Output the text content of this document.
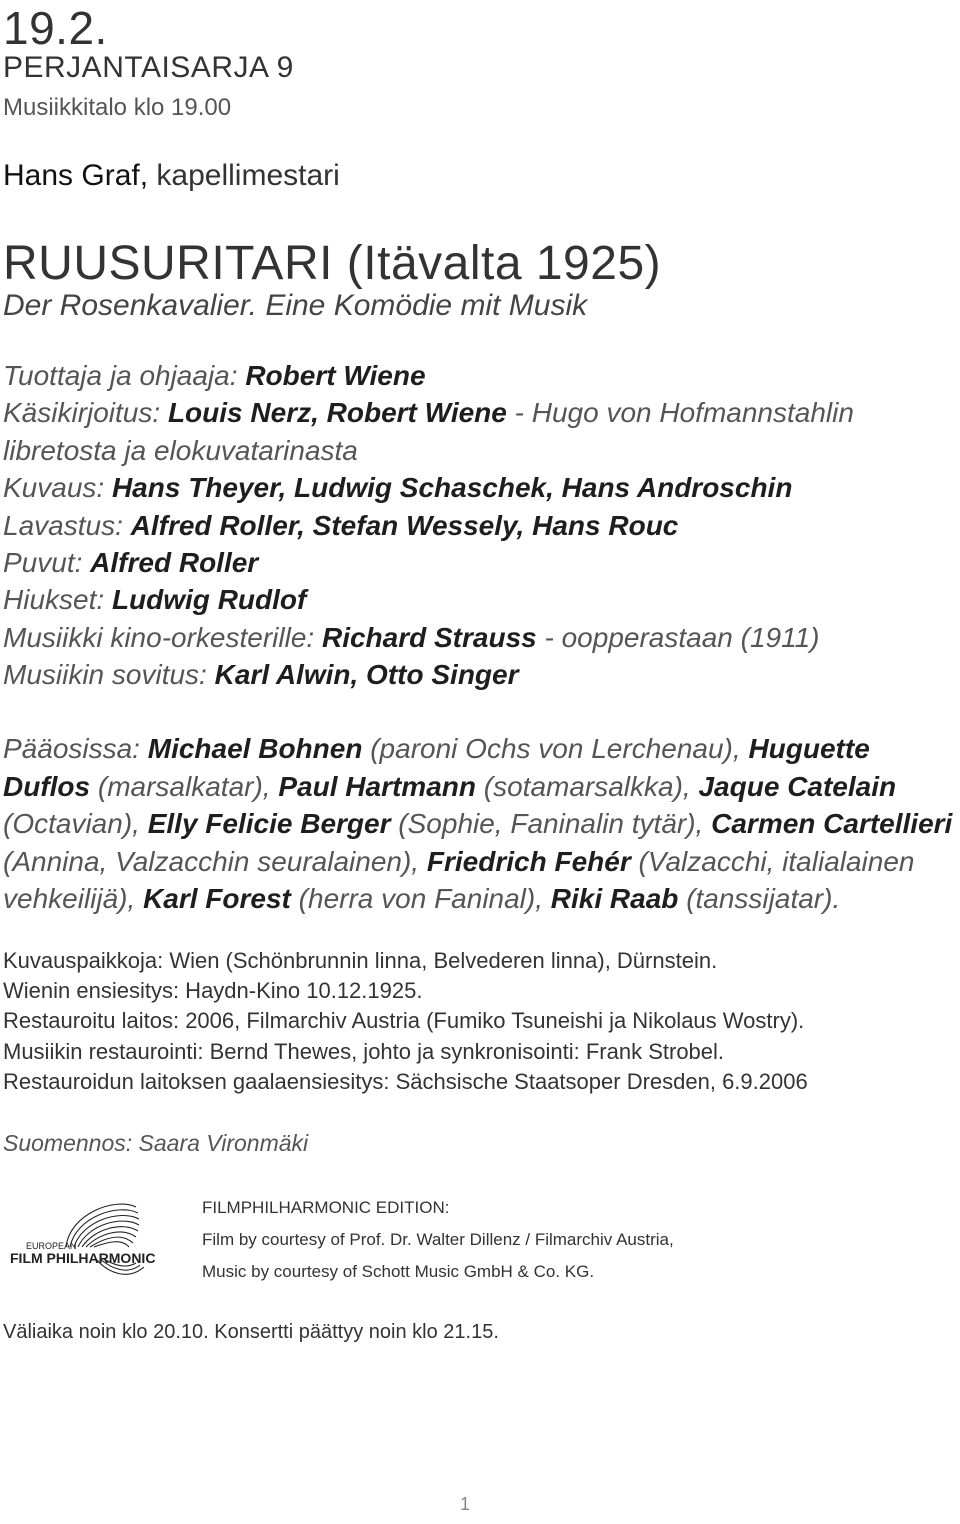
19.2.
PERJANTAISARJA 9
Musiikkitalo klo 19.00
Hans Graf, kapellimestari
RUUSURITARI (Itävalta 1925)
Der Rosenkavalier. Eine Komödie mit Musik
Tuottaja ja ohjaaja: Robert Wiene
Käsikirjoitus: Louis Nerz, Robert Wiene - Hugo von Hofmannstahlin
libretosta ja elokuvatarinasta
Kuvaus: Hans Theyer, Ludwig Schaschek, Hans Androschin
Lavastus: Alfred Roller, Stefan Wessely, Hans Rouc
Puvut: Alfred Roller
Hiukset: Ludwig Rudlof
Musiikki kino-orkesterille: Richard Strauss - oopperastaan (1911)
Musiikin sovitus: Karl Alwin, Otto Singer
Pääosissa: Michael Bohnen (paroni Ochs von Lerchenau), Huguette Duflos (marsalkatar), Paul Hartmann (sotamarsalkka), Jaque Catelain (Octavian), Elly Felicie Berger (Sophie, Faninalin tytär), Carmen Cartellieri (Annina, Valzacchin seuralainen), Friedrich Fehér (Valzacchi, italialainen vehkeilijä), Karl Forest (herra von Faninal), Riki Raab (tanssijatar).
Kuvauspaikkoja: Wien (Schönbrunnin linna, Belvederen linna), Dürnstein.
Wienin ensiesitys: Haydn-Kino 10.12.1925.
Restauroitu laitos: 2006, Filmarchiv Austria (Fumiko Tsuneishi ja Nikolaus Wostry).
Musiikin restaurointi: Bernd Thewes, johto ja synkronisointi: Frank Strobel.
Restauroidun laitoksen gaalaensiesitys: Sächsische Staatsoper Dresden, 6.9.2006
Suomennos: Saara Vironmäki
EUROPEAN
FILM PHILHARMONIC
FILMPHILHARMONIC EDITION:
Film by courtesy of Prof. Dr. Walter Dillenz / Filmarchiv Austria,
Music by courtesy of Schott Music GmbH & Co. KG.
Väliaika noin klo 20.10. Konsertti päättyy noin klo 21.15.
1
